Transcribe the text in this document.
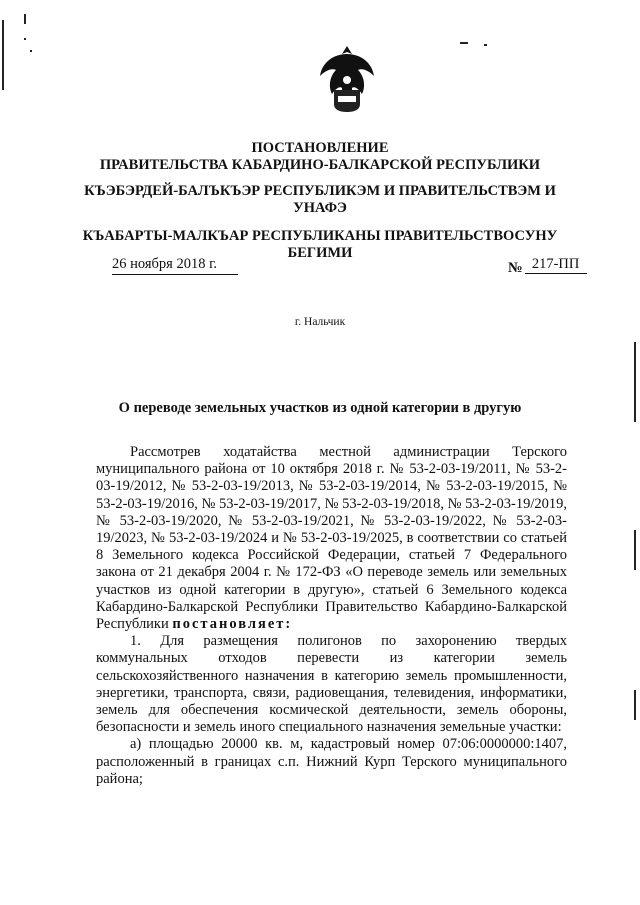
ПОСТАНОВЛЕНИЕ
ПРАВИТЕЛЬСТВА КАБАРДИНО-БАЛКАРСКОЙ РЕСПУБЛИКИ
КЪЭБЭРДЕЙ-БАЛЪКЪЭР РЕСПУБЛИКЭМ И ПРАВИТЕЛЬСТВЭМ И
УНАФЭ
КЪАБАРТЫ-МАЛКЪАР РЕСПУБЛИКАНЫ ПРАВИТЕЛЬСТВОСУНУ
БЕГИМИ
26 ноября 2018 г.	№ 217-ПП
г. Нальчик
О переводе земельных участков из одной категории в другую

Рассмотрев ходатайства местной администрации Терского муниципального района от 10 октября 2018 г. № 53-2-03-19/2011, № 53-2-03-19/2012, № 53-2-03-19/2013, № 53-2-03-19/2014, № 53-2-03-19/2015, № 53-2-03-19/2016, № 53-2-03-19/2017, № 53-2-03-19/2018, № 53-2-03-19/2019, № 53-2-03-19/2020, № 53-2-03-19/2021, № 53-2-03-19/2022, № 53-2-03-19/2023, № 53-2-03-19/2024 и № 53-2-03-19/2025, в соответствии со статьей 8 Земельного кодекса Российской Федерации, статьей 7 Федерального закона от 21 декабря 2004 г. № 172-ФЗ «О переводе земель или земельных участков из одной категории в другую», статьей 6 Земельного кодекса Кабардино-Балкарской Республики Правительство Кабардино-Балкарской Республики постановляет:

1. Для размещения полигонов по захоронению твердых коммунальных отходов перевести из категории земель сельскохозяйственного назначения в категорию земель промышленности, энергетики, транспорта, связи, радиовещания, телевидения, информатики, земель для обеспечения космической деятельности, земель обороны, безопасности и земель иного специального назначения земельные участки:

а) площадью 20000 кв. м, кадастровый номер 07:06:0000000:1407, расположенный в границах с.п. Нижний Курп Терского муниципального района;
